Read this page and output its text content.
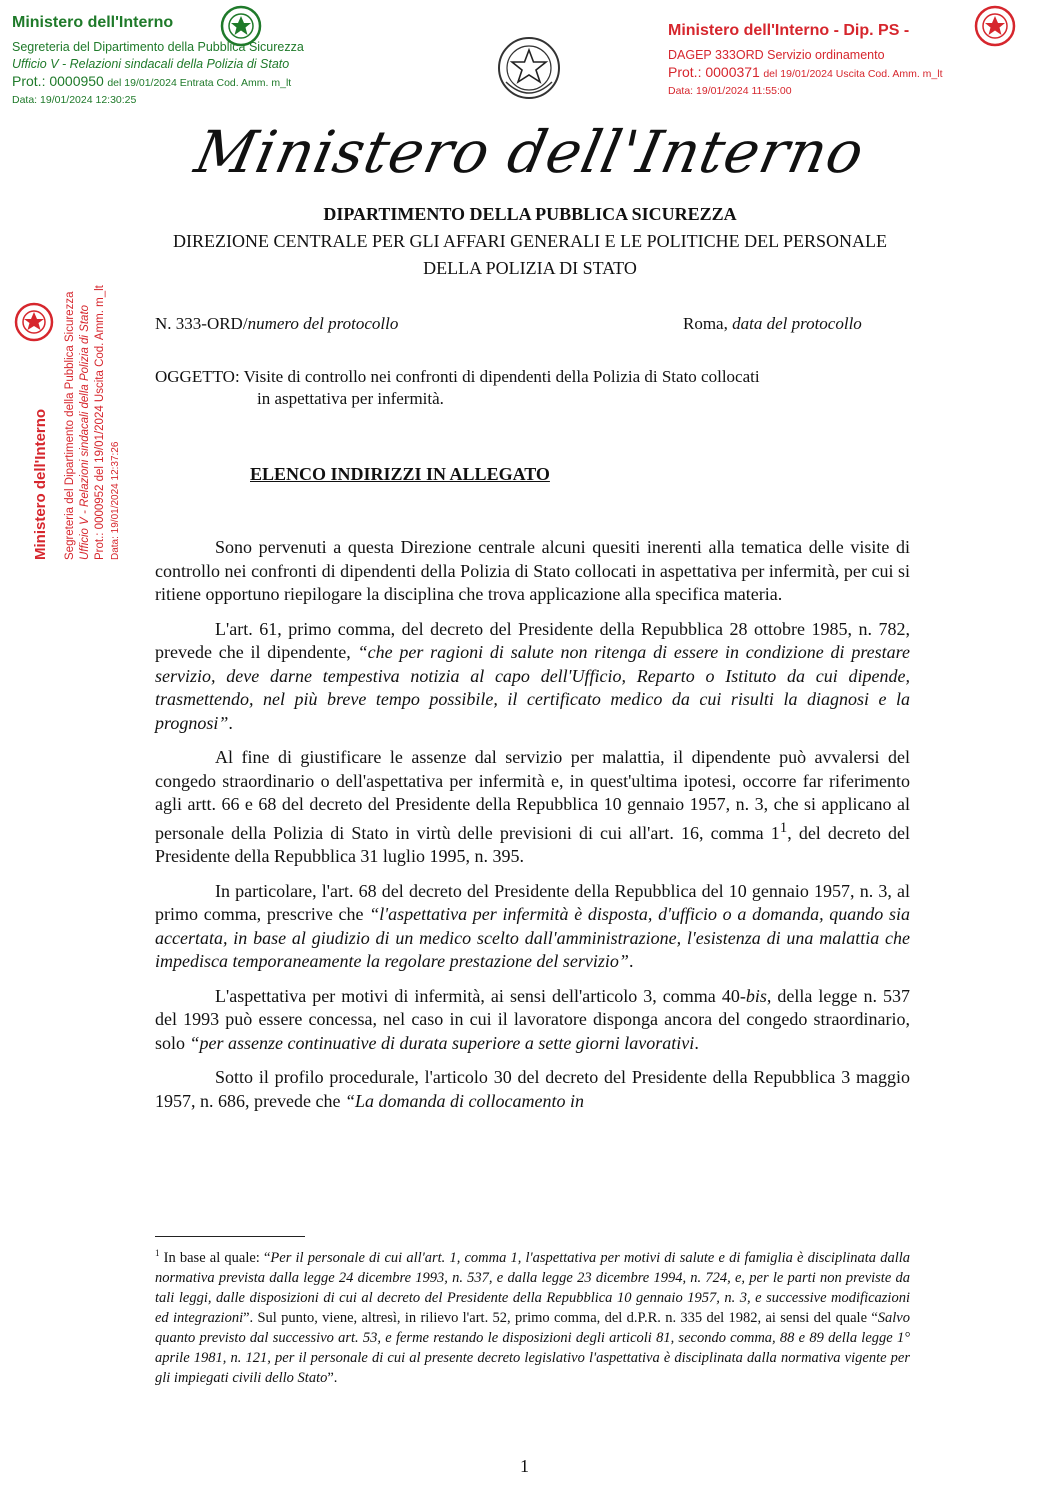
Ministero dell'Interno
Segreteria del Dipartimento della Pubblica Sicurezza
Ufficio V - Relazioni sindacali della Polizia di Stato
Prot.: 0000950 del 19/01/2024 Entrata Cod. Amm. m_lt
Data: 19/01/2024 12:30:25
Ministero dell'Interno - Dip. PS -
DAGEP 333ORD Servizio ordinamento
Prot.: 0000371 del 19/01/2024 Uscita Cod. Amm. m_lt
Data: 19/01/2024 11:55:00
Ministero dell'Interno Segreteria del Dipartimento della Pubblica Sicurezza Ufficio V - Relazioni sindacali della Polizia di Stato Prot.: 0000952 del 19/01/2024 Uscita Cod. Amm. m_lt Data: 19/01/2024 12:37:26
Ministero dell'Interno
DIPARTIMENTO DELLA PUBBLICA SICUREZZA
DIREZIONE CENTRALE PER GLI AFFARI GENERALI E LE POLITICHE DEL PERSONALE
DELLA POLIZIA DI STATO
N. 333-ORD/numero del protocollo	Roma, data del protocollo
OGGETTO: Visite di controllo nei confronti di dipendenti della Polizia di Stato collocati
in aspettativa per infermità.
ELENCO INDIRIZZI IN ALLEGATO

Sono pervenuti a questa Direzione centrale alcuni quesiti inerenti alla tematica delle visite di controllo nei confronti di dipendenti della Polizia di Stato collocati in aspettativa per infermità, per cui si ritiene opportuno riepilogare la disciplina che trova applicazione alla specifica materia.

L'art. 61, primo comma, del decreto del Presidente della Repubblica 28 ottobre 1985, n. 782, prevede che il dipendente, “che per ragioni di salute non ritenga di essere in condizione di prestare servizio, deve darne tempestiva notizia al capo dell'Ufficio, Reparto o Istituto da cui dipende, trasmettendo, nel più breve tempo possibile, il certificato medico da cui risulti la diagnosi e la prognosi”.

Al fine di giustificare le assenze dal servizio per malattia, il dipendente può avvalersi del congedo straordinario o dell'aspettativa per infermità e, in quest'ultima ipotesi, occorre far riferimento agli artt. 66 e 68 del decreto del Presidente della Repubblica 10 gennaio 1957, n. 3, che si applicano al personale della Polizia di Stato in virtù delle previsioni di cui all'art. 16, comma $1^1$, del decreto del Presidente della Repubblica 31 luglio 1995, n. 395.

In particolare, l'art. 68 del decreto del Presidente della Repubblica del 10 gennaio 1957, n. 3, al primo comma, prescrive che “l'aspettativa per infermità è disposta, d'ufficio o a domanda, quando sia accertata, in base al giudizio di un medico scelto dall'amministrazione, l'esistenza di una malattia che impedisca temporaneamente la regolare prestazione del servizio”.

L'aspettativa per motivi di infermità, ai sensi dell'articolo 3, comma 40-bis, della legge n. 537 del 1993 può essere concessa, nel caso in cui il lavoratore disponga ancora del congedo straordinario, solo “per assenze continuative di durata superiore a sette giorni lavorativi.

Sotto il profilo procedurale, l'articolo 30 del decreto del Presidente della Repubblica 3 maggio 1957, n. 686, prevede che “La domanda di collocamento in

$^1$ In base al quale: “Per il personale di cui all'art. 1, comma 1, l'aspettativa per motivi di salute e di famiglia è disciplinata dalla normativa prevista dalla legge 24 dicembre 1993, n. 537, e dalla legge 23 dicembre 1994, n. 724, e, per le parti non previste da tali leggi, dalle disposizioni di cui al decreto del Presidente della Repubblica 10 gennaio 1957, n. 3, e successive modificazioni ed integrazioni”. Sul punto, viene, altresì, in rilievo l'art. 52, primo comma, del d.P.R. n. 335 del 1982, ai sensi del quale “Salvo quanto previsto dal successivo art. 53, e ferme restando le disposizioni degli articoli 81, secondo comma, 88 e 89 della legge 1° aprile 1981, n. 121, per il personale di cui al presente decreto legislativo l'aspettativa è disciplinata dalla normativa vigente per gli impiegati civili dello Stato”.
1
